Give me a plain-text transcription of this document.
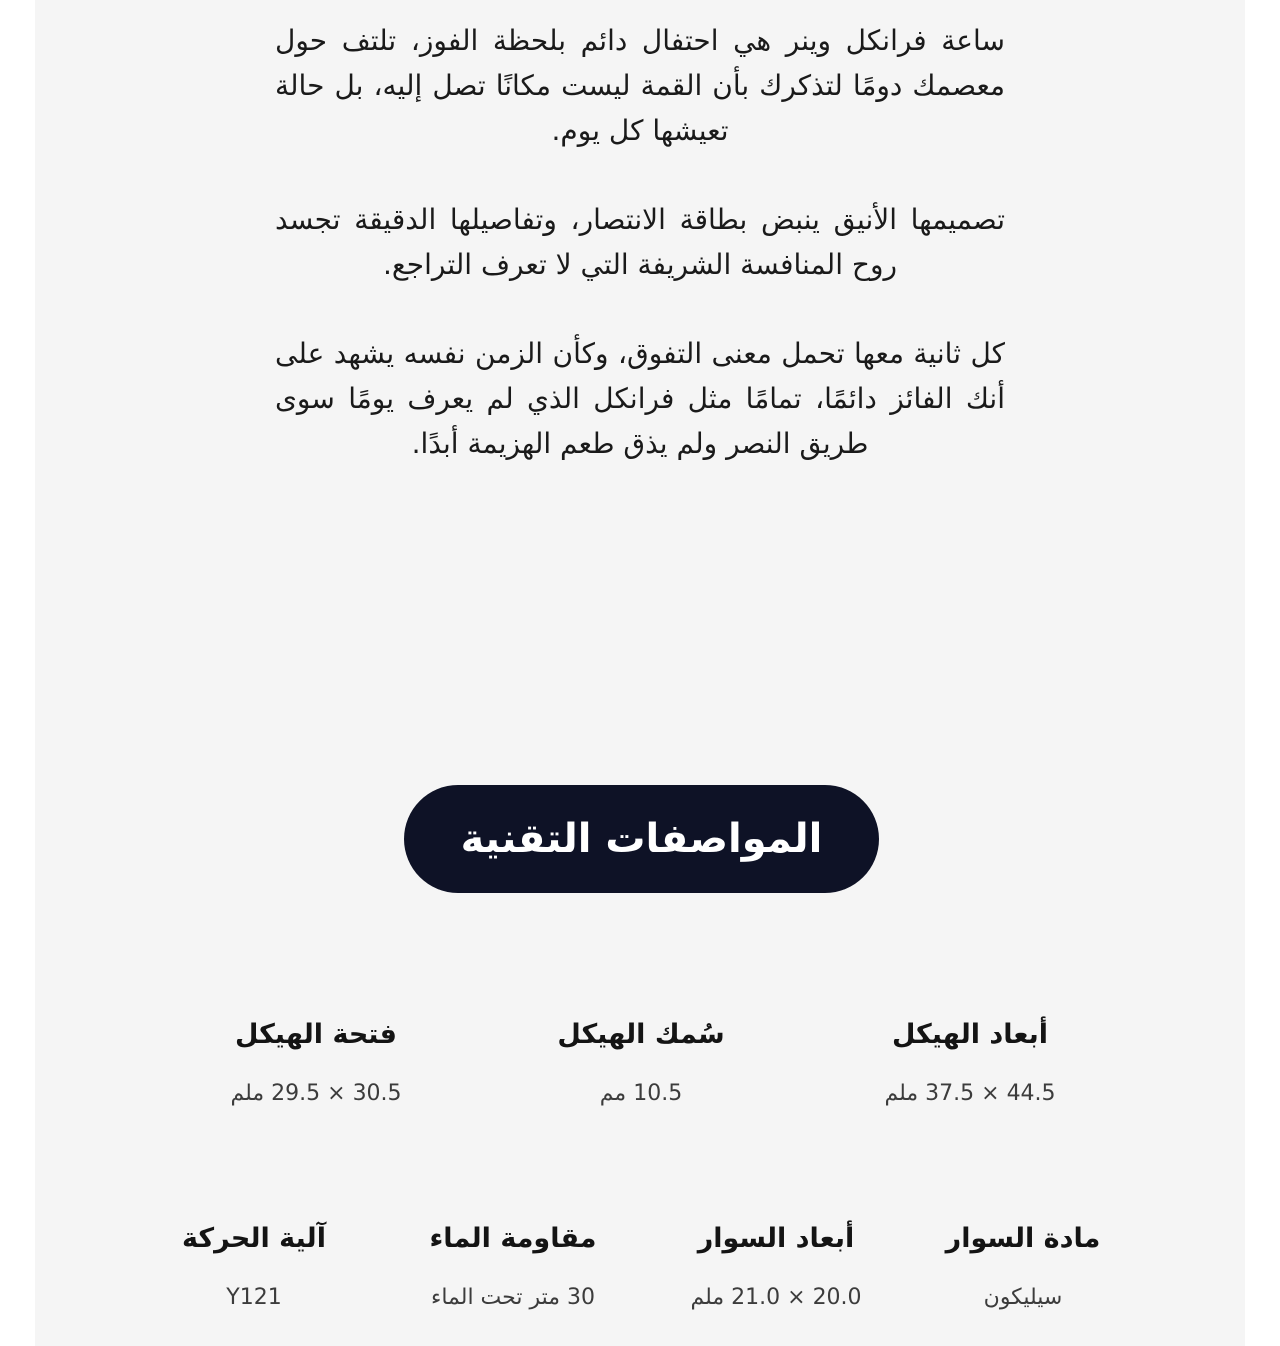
ساعة فرانكل وينر هي احتفال دائم بلحظة الفوز، تلتف حول معصمك دومًا لتذكرك بأن القمة ليست مكانًا تصل إليه، بل حالة تعيشها كل يوم.

تصميمها الأنيق ينبض بطاقة الانتصار، وتفاصيلها الدقيقة تجسد روح المنافسة الشريفة التي لا تعرف التراجع.

كل ثانية معها تحمل معنى التفوق، وكأن الزمن نفسه يشهد على أنك الفائز دائمًا، تمامًا مثل فرانكل الذي لم يعرف يومًا سوى طريق النصر ولم يذق طعم الهزيمة أبدًا.

المواصفات التقنية
أبعاد الهيكل
44.5 × 37.5 ملم
سُمك الهيكل
10.5 مم
فتحة الهيكل
30.5 × 29.5 ملم
مادة السوار
سيليكون
أبعاد السوار
20.0 × 21.0 ملم
مقاومة الماء
30 متر تحت الماء
آلية الحركة
Y121
